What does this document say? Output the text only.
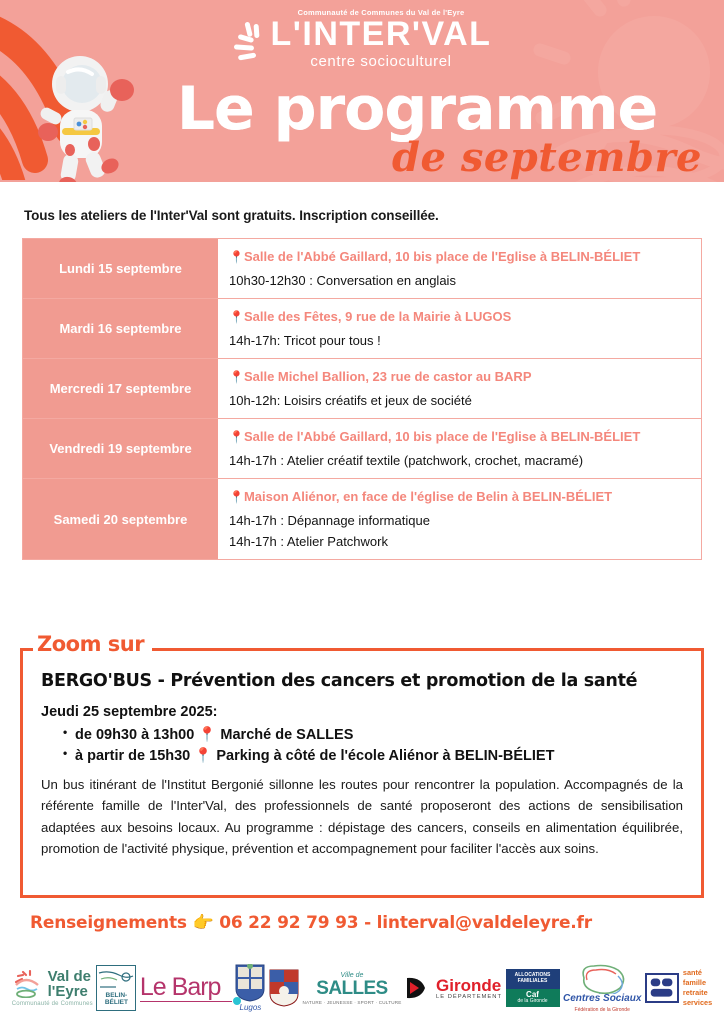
Communauté de Communes du Val de l'Eyre
L'INTER'VAL
centre socioculturel
Le programme
de septembre
Tous les ateliers de l'Inter'Val sont gratuits. Inscription conseillée.
Lundi 15 septembre
📍Salle de l'Abbé Gaillard, 10 bis place de l'Eglise à BELIN-BÉLIET
10h30-12h30 : Conversation en anglais
Mardi 16 septembre
📍Salle des Fêtes, 9 rue de la Mairie à LUGOS
14h-17h: Tricot pour tous !
Mercredi 17 septembre
📍Salle Michel Ballion, 23 rue de castor au BARP
10h-12h: Loisirs créatifs et jeux de société
Vendredi 19 septembre
📍Salle de l'Abbé Gaillard, 10 bis place de l'Eglise à BELIN-BÉLIET
14h-17h : Atelier créatif textile (patchwork, crochet, macramé)
Samedi 20 septembre
📍Maison Aliénor, en face de l'église de Belin à BELIN-BÉLIET
14h-17h : Dépannage informatique
14h-17h : Atelier Patchwork
Zoom sur
BERGO'BUS - Prévention des cancers et promotion de la santé
Jeudi 25 septembre 2025:
• de 09h30 à 13h00 📍 Marché de SALLES
• à partir de 15h30 📍 Parking à côté de l'école Aliénor à BELIN-BÉLIET
Un bus itinérant de l'Institut Bergonié sillonne les routes pour rencontrer la population. Accompagnés de la référente famille de l'Inter'Val, des professionnels de santé proposeront des actions de sensibilisation adaptées aux besoins locaux. Au programme : dépistage des cancers, conseils en alimentation équilibrée, promotion de l'activité physique, prévention et accompagnement pour faciliter l'accès aux soins.
Renseignements 👉 06 22 92 79 93 - linterval@valdeleyre.fr
Val de
l'Eyre
Communauté de Communes
BELIN-
BÉLIET
Le Barp
Lugos
Ville de
SALLES
NATURE · JEUNESSE · SPORT · CULTURE
Gironde
LE DÉPARTEMENT
ALLOCATIONS FAMILIALES
Caf
de la Gironde	Centres Sociaux
Fédération de la Gironde
santé
famille
retraite
services
